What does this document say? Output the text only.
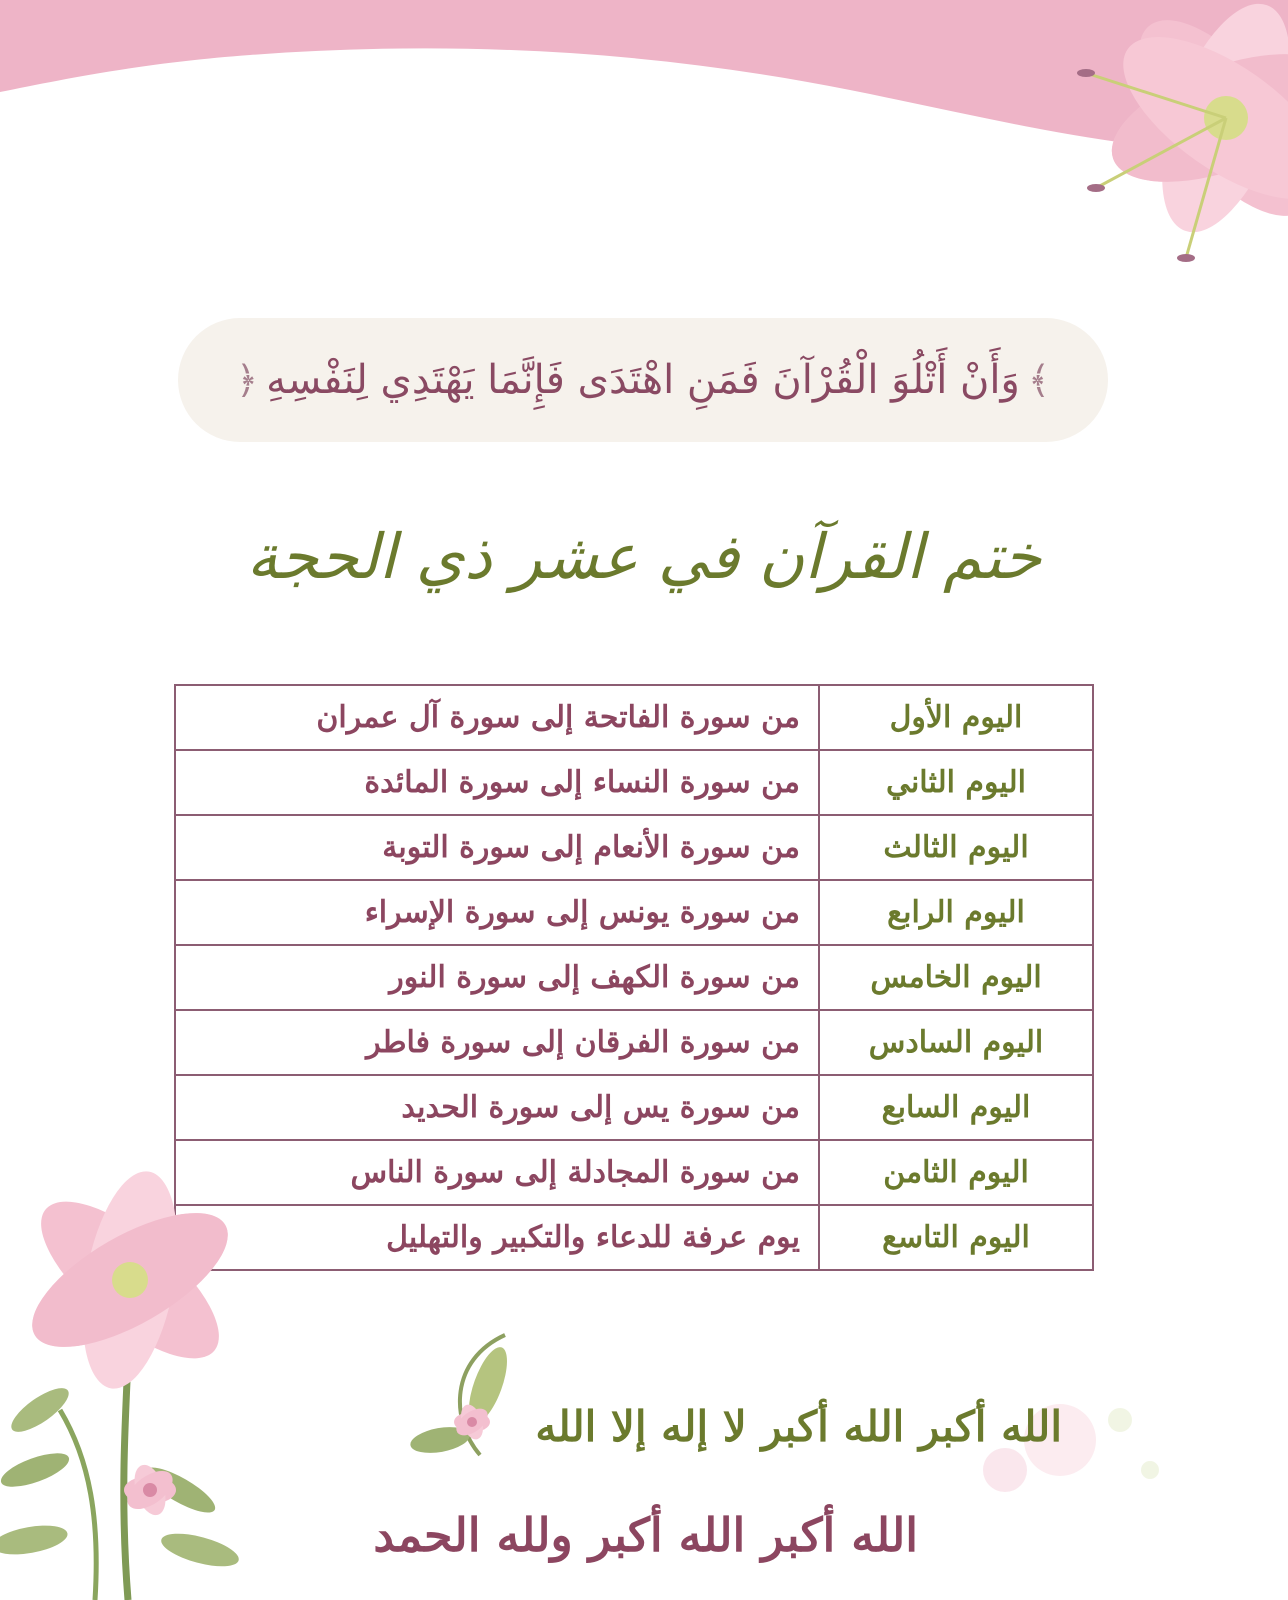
﴿ وَأَنْ أَتْلُوَ الْقُرْآنَ فَمَنِ اهْتَدَى فَإِنَّمَا يَهْتَدِي لِنَفْسِهِ ﴾
ختم القرآن في عشر ذي الحجة
اليوم الأول	من سورة الفاتحة إلى سورة آل عمران
اليوم الثاني	من سورة النساء إلى سورة المائدة
اليوم الثالث	من سورة الأنعام إلى سورة التوبة
اليوم الرابع	من سورة يونس إلى سورة الإسراء
اليوم الخامس	من سورة الكهف إلى سورة النور
اليوم السادس	من سورة الفرقان إلى سورة فاطر
اليوم السابع	من سورة يس إلى سورة الحديد
اليوم الثامن	من سورة المجادلة إلى سورة الناس
اليوم التاسع	يوم عرفة للدعاء والتكبير والتهليل
الله أكبر الله أكبر لا إله إلا الله
الله أكبر الله أكبر ولله الحمد
